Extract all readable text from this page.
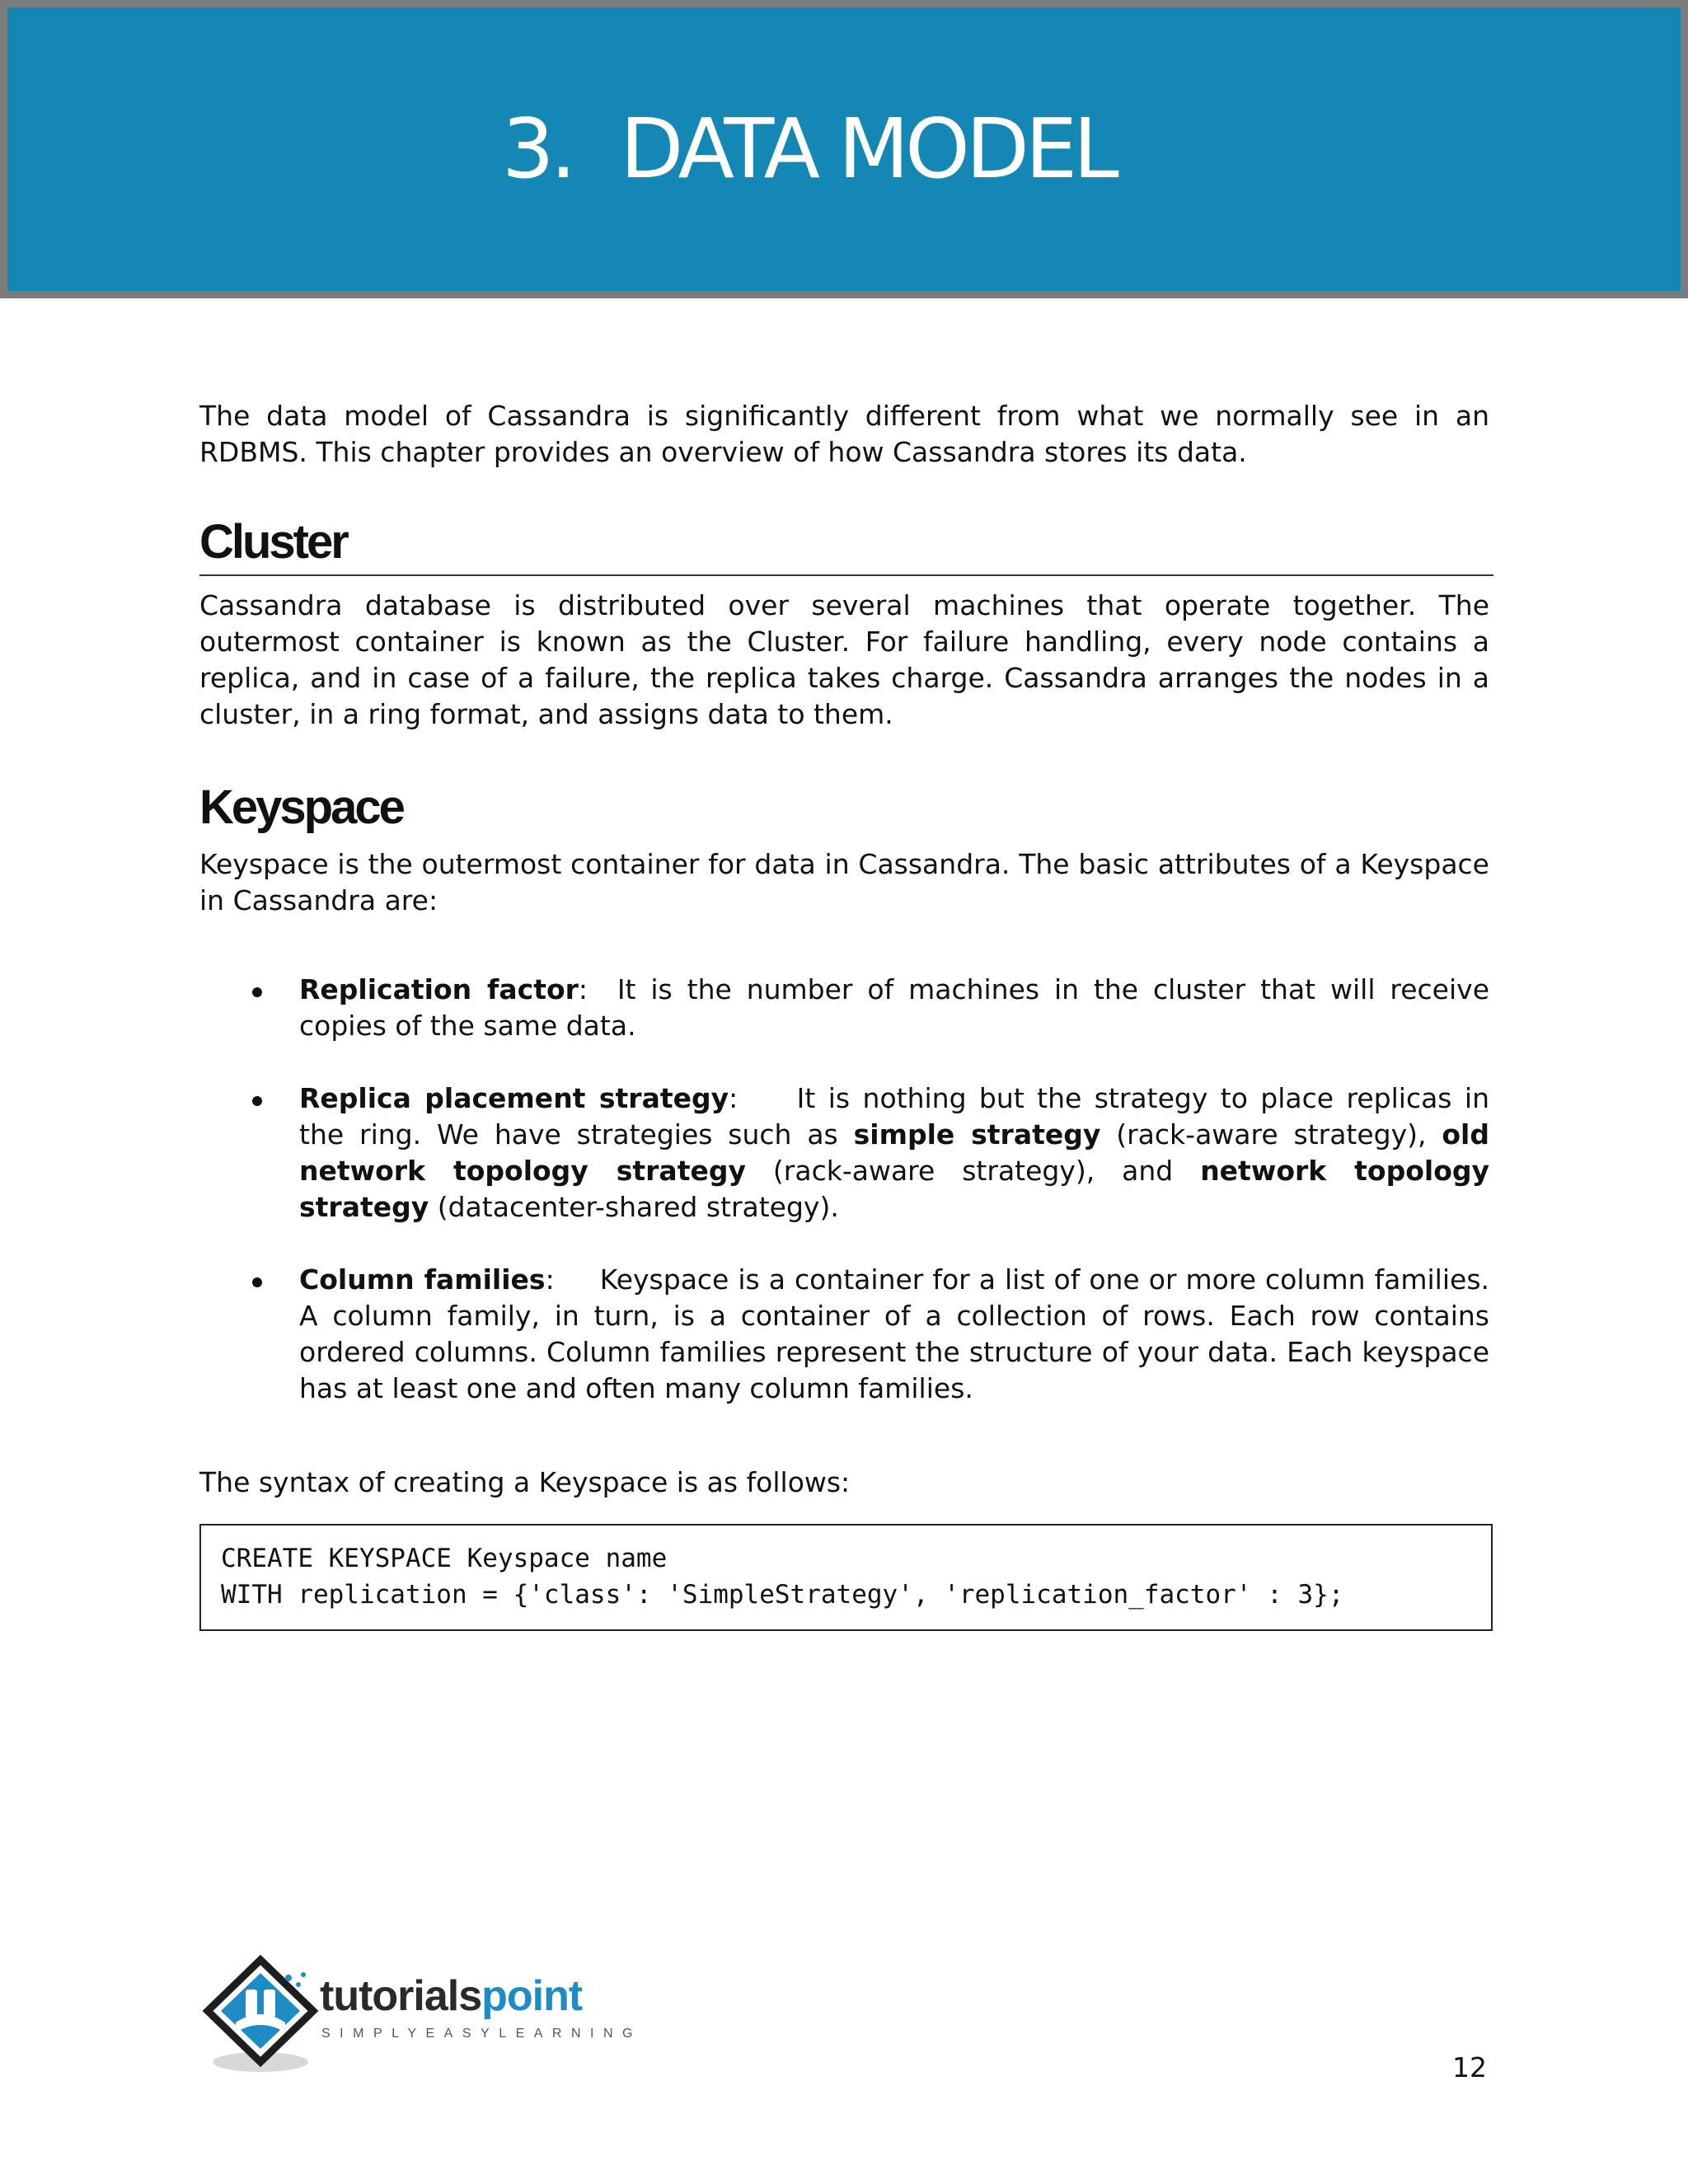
3. DATA MODEL

The data model of Cassandra is significantly different from what we normally see in an RDBMS. This chapter provides an overview of how Cassandra stores its data.

Cluster

Cassandra database is distributed over several machines that operate together. The outermost container is known as the Cluster. For failure handling, every node contains a replica, and in case of a failure, the replica takes charge. Cassandra arranges the nodes in a cluster, in a ring format, and assigns data to them.

Keyspace

Keyspace is the outermost container for data in Cassandra. The basic attributes of a Keyspace in Cassandra are:

Replication factor: It is the number of machines in the cluster that will receive copies of the same data.

Replica placement strategy: It is nothing but the strategy to place replicas in the ring. We have strategies such as simple strategy (rack-aware strategy), old network topology strategy (rack-aware strategy), and network topology strategy (datacenter-shared strategy).

Column families: Keyspace is a container for a list of one or more column families. A column family, in turn, is a container of a collection of rows. Each row contains ordered columns. Column families represent the structure of your data. Each keyspace has at least one and often many column families.

The syntax of creating a Keyspace is as follows:

CREATE KEYSPACE Keyspace name
WITH replication = {'class': 'SimpleStrategy', 'replication_factor' : 3};
tutorialspoint
SIMPLYEASYLEARNING
12
